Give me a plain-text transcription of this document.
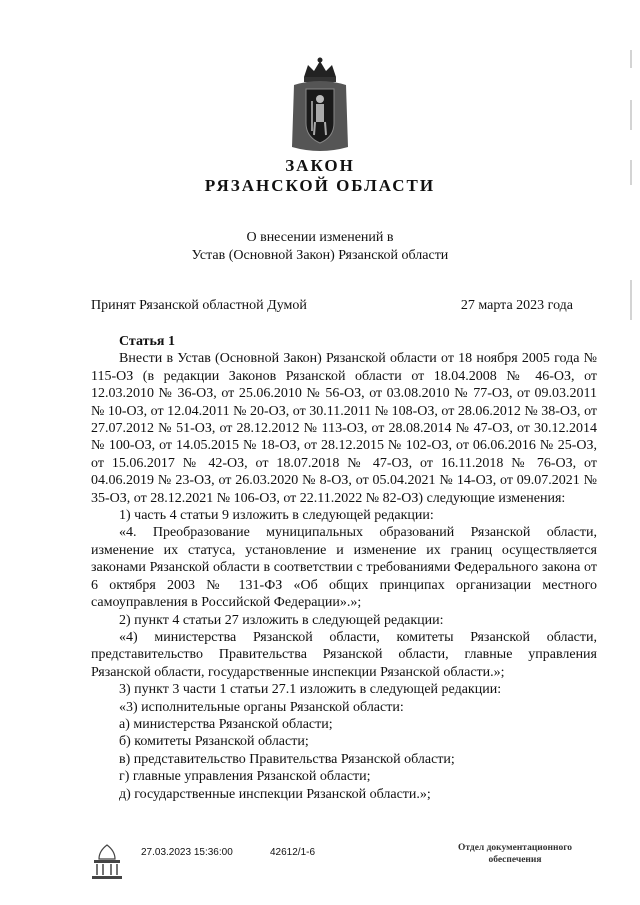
ЗАКОН
РЯЗАНСКОЙ ОБЛАСТИ
О внесении изменений в
Устав (Основной Закон) Рязанской области
Принят Рязанской областной Думой	27 марта 2023 года

Статья 1

Внести в Устав (Основной Закон) Рязанской области от 18 ноября 2005 года № 115-ОЗ (в редакции Законов Рязанской области от 18.04.2008 № 46-ОЗ, от 12.03.2010 № 36-ОЗ, от 25.06.2010 № 56-ОЗ, от 03.08.2010 № 77-ОЗ, от 09.03.2011 № 10-ОЗ, от 12.04.2011 № 20-ОЗ, от 30.11.2011 № 108-ОЗ, от 28.06.2012 № 38-ОЗ, от 27.07.2012 № 51-ОЗ, от 28.12.2012 № 113-ОЗ, от 28.08.2014 № 47-ОЗ, от 30.12.2014 № 100-ОЗ, от 14.05.2015 № 18-ОЗ, от 28.12.2015 № 102-ОЗ, от 06.06.2016 № 25-ОЗ, от 15.06.2017 № 42-ОЗ, от 18.07.2018 № 47-ОЗ, от 16.11.2018 № 76-ОЗ, от 04.06.2019 № 23-ОЗ, от 26.03.2020 № 8-ОЗ, от 05.04.2021 № 14-ОЗ, от 09.07.2021 № 35-ОЗ, от 28.12.2021 № 106-ОЗ, от 22.11.2022 № 82-ОЗ) следующие изменения:

1) часть 4 статьи 9 изложить в следующей редакции:

«4. Преобразование муниципальных образований Рязанской области, изменение их статуса, установление и изменение их границ осуществляется законами Рязанской области в соответствии с требованиями Федерального закона от 6 октября 2003 № 131-ФЗ «Об общих принципах организации местного самоуправления в Российской Федерации».»;

2) пункт 4 статьи 27 изложить в следующей редакции:

«4) министерства Рязанской области, комитеты Рязанской области, представительство Правительства Рязанской области, главные управления Рязанской области, государственные инспекции Рязанской области.»;

3) пункт 3 части 1 статьи 27.1 изложить в следующей редакции:

«3) исполнительные органы Рязанской области:

а) министерства Рязанской области;

б) комитеты Рязанской области;

в) представительство Правительства Рязанской области;

г) главные управления Рязанской области;

д) государственные инспекции Рязанской области.»;

27.03.2023 15:36:00	42612/1-6	Отдел документационного
обеспечения
